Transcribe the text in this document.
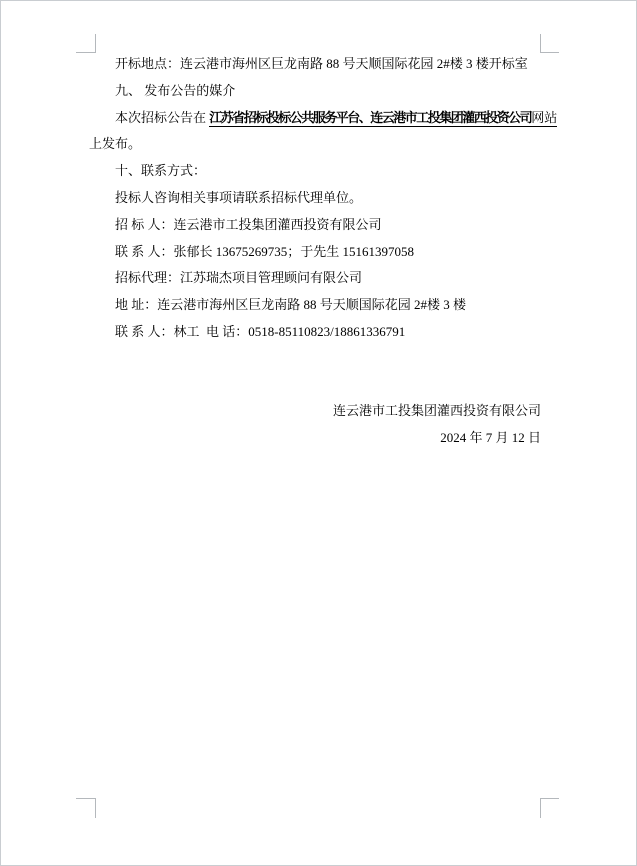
开标地点：连云港市海州区巨龙南路 88 号天顺国际花园 2#楼 3 楼开标室
九、 发布公告的媒介
本次招标公告在 江苏省招标投标公共服务平台、连云港市工投集团灌西投资公司网站
上发布。
十、联系方式：
投标人咨询相关事项请联系招标代理单位。
招 标 人：连云港市工投集团灌西投资有限公司
联 系 人：张郁长 13675269735；于先生 15161397058
招标代理：江苏瑞杰项目管理顾问有限公司
地 址：连云港市海州区巨龙南路 88 号天顺国际花园 2#楼 3 楼
联 系 人：林工  电 话：0518-85110823/18861336791
连云港市工投集团灌西投资有限公司
2024 年 7 月 12 日
